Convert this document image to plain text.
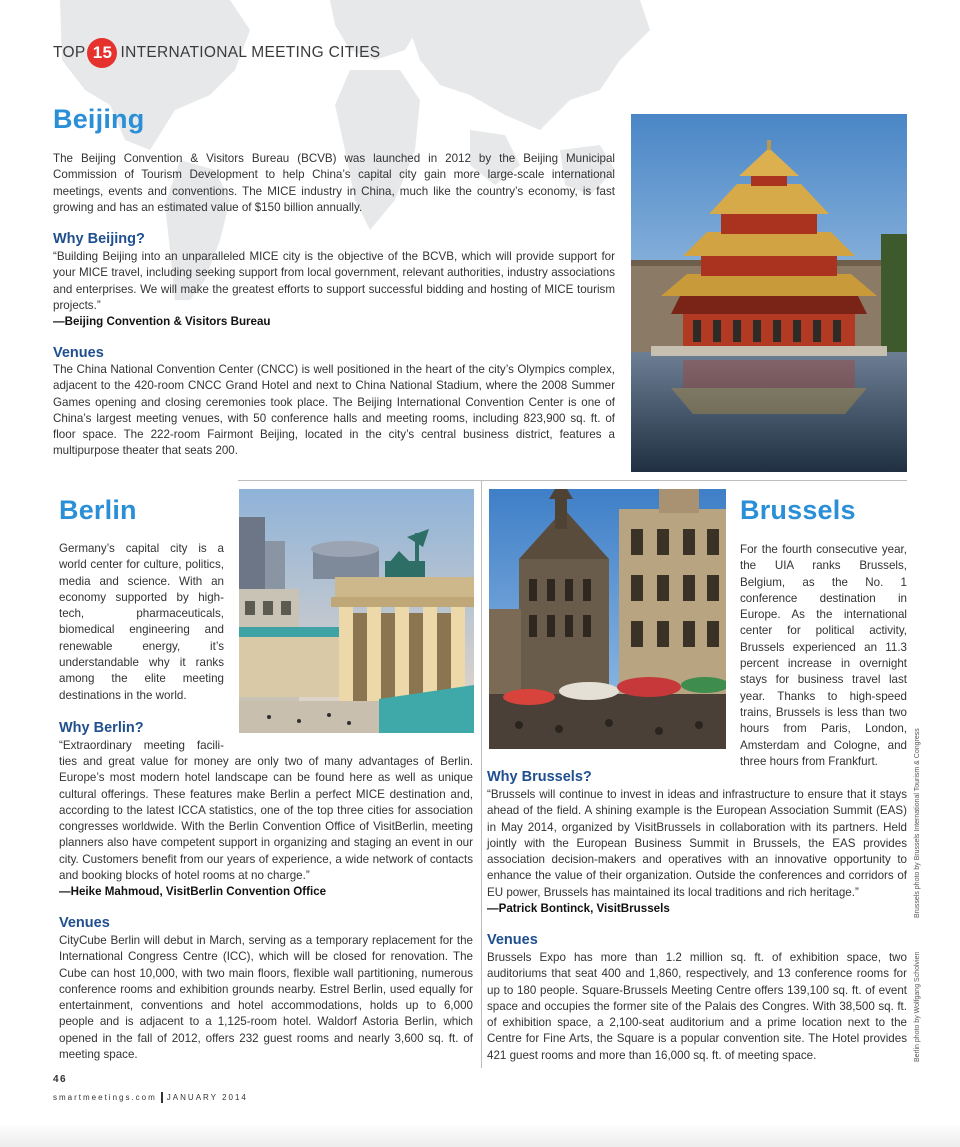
TOP 15 INTERNATIONAL MEETING CITIES
Beijing

The Beijing Convention & Visitors Bureau (BCVB) was launched in 2012 by the Beijing Municipal Commission of Tourism Development to help China’s capital city gain more large-scale international meetings, events and conventions. The MICE industry in China, much like the country’s economy, is fast growing and has an estimated value of $150 billion annually.

Why Beijing?

“Building Beijing into an unparalleled MICE city is the objective of the BCVB, which will provide support for your MICE travel, including seeking support from local government, relevant authorities, industry associations and enterprises. We will make the greatest efforts to support successful bidding and hosting of MICE tourism projects.”

—Beijing Convention & Visitors Bureau
Venues

The China National Convention Center (CNCC) is well positioned in the heart of the city’s Olympics complex, adjacent to the 420-room CNCC Grand Hotel and next to China National Stadium, where the 2008 Summer Games opening and closing ceremonies took place. The Beijing International Convention Center is one of China’s largest meeting venues, with 50 conference halls and meeting rooms, including 823,900 sq. ft. of floor space. The 222-room Fairmont Beijing, located in the city’s central business district, features a multipurpose theater that seats 200.

Berlin

Germany’s capital city is a world center for culture, politics, media and science. With an economy supported by high-tech, pharmaceuticals, biomedical engineering and renewable energy, it’s understandable why it ranks among the elite meeting destinations in the world.

Why Berlin?

“Extraordinary meeting facili-

ties and great value for money are only two of many advantages of Berlin. Europe’s most modern hotel landscape can be found here as well as unique cultural offerings. These features make Berlin a perfect MICE destination and, according to the latest ICCA statistics, one of the top three cities for association congresses worldwide. With the Berlin Convention Office of VisitBerlin, meeting planners also have competent support in organizing and staging an event in our city. Customers benefit from our years of experience, a wide network of contacts and booking blocks of hotel rooms at no charge.”

—Heike Mahmoud, VisitBerlin Convention Office
Venues

CityCube Berlin will debut in March, serving as a temporary replacement for the International Congress Centre (ICC), which will be closed for renovation. The Cube can host 10,000, with two main floors, flexible wall partitioning, numerous conference rooms and exhibition grounds nearby. Estrel Berlin, used equally for entertainment, conventions and hotel accommodations, holds up to 6,000 people and is adjacent to a 1,125-room hotel. Waldorf Astoria Berlin, which opened in the fall of 2012, offers 232 guest rooms and nearly 3,600 sq. ft. of meeting space.

Brussels

For the fourth consecutive year, the UIA ranks Brussels, Belgium, as the No. 1 conference destination in Europe. As the international center for political activity, Brussels experienced an 11.3 percent increase in overnight stays for business travel last year. Thanks to high-speed trains, Brussels is less than two hours from Paris, London, Amsterdam and Cologne, and three hours from Frankfurt.

Why Brussels?

“Brussels will continue to invest in ideas and infrastructure to ensure that it stays ahead of the field. A shining example is the European Association Summit (EAS) in May 2014, organized by VisitBrussels in collaboration with its partners. Held jointly with the European Business Summit in Brussels, the EAS provides association decision-makers and operatives with an innovative opportunity to enhance the value of their organization. Outside the conferences and corridors of EU power, Brussels has maintained its local traditions and rich heritage.”

—Patrick Bontinck, VisitBrussels
Venues

Brussels Expo has more than 1.2 million sq. ft. of exhibition space, two auditoriums that seat 400 and 1,860, respectively, and 13 conference rooms for up to 180 people. Square-Brussels Meeting Centre offers 139,100 sq. ft. of event space and occupies the former site of the Palais des Congres. With 38,500 sq. ft. of exhibition space, a 2,100-seat auditorium and a prime location next to the Centre for Fine Arts, the Square is a popular convention site. The Hotel provides 421 guest rooms and more than 16,000 sq. ft. of meeting space.

Brussels photo by Brussels International Tourism & Congress
Berlin photo by Wolfgang Scholvien
46
smartmeetings.com JANUARY 2014
